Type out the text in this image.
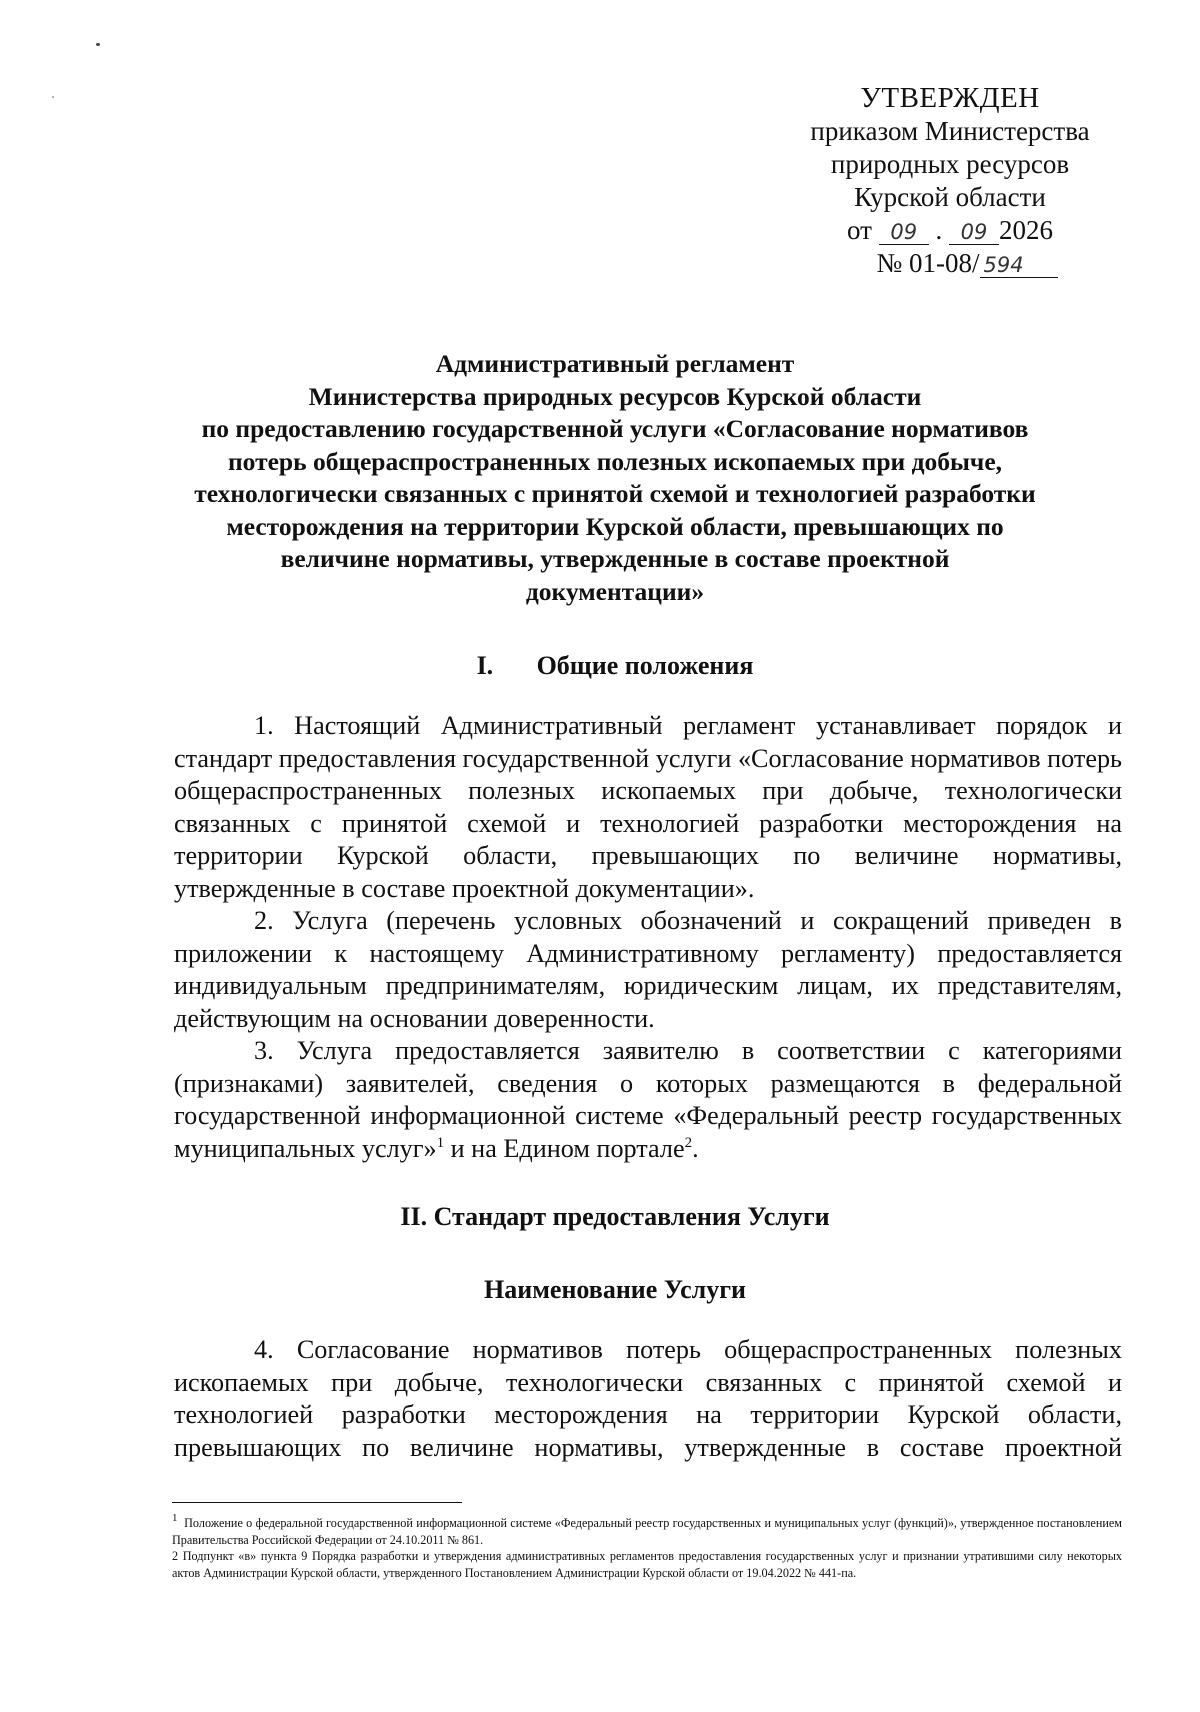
УТВЕРЖДЕН
приказом Министерства
природных ресурсов
Курской области
от 09 . 09 2026
№ 01-08/ 594
Административный регламент
Министерства природных ресурсов Курской области
по предоставлению государственной услуги «Согласование нормативов
потерь общераспространенных полезных ископаемых при добыче,
технологически связанных с принятой схемой и технологией разработки
месторождения на территории Курской области, превышающих по
величине нормативы, утвержденные в составе проектной
документации»
I. Общие положения

1. Настоящий Административный регламент устанавливает порядок и стандарт предоставления государственной услуги «Согласование нормативов потерь общераспространенных полезных ископаемых при добыче, технологически связанных с принятой схемой и технологией разработки месторождения на территории Курской области, превышающих по величине нормативы, утвержденные в составе проектной документации».

2. Услуга (перечень условных обозначений и сокращений приведен в приложении к настоящему Административному регламенту) предоставляется индивидуальным предпринимателям, юридическим лицам, их представителям, действующим на основании доверенности.

3. Услуга предоставляется заявителю в соответствии с категориями (признаками) заявителей, сведения о которых размещаются в федеральной государственной информационной системе «Федеральный реестр государственных муниципальных услуг»$^1$ и на Едином портале$^2$.

II. Стандарт предоставления Услуги
Наименование Услуги

4. Согласование нормативов потерь общераспространенных полезных ископаемых при добыче, технологически связанных с принятой схемой и технологией разработки месторождения на территории Курской области, превышающих по величине нормативы, утвержденные в составе проектной

1 Положение о федеральной государственной информационной системе «Федеральный реестр государственных и муниципальных услуг (функций)», утвержденное постановлением Правительства Российской Федерации от 24.10.2011 № 861.

2 Подпункт «в» пункта 9 Порядка разработки и утверждения административных регламентов предоставления государственных услуг и признании утратившими силу некоторых актов Администрации Курской области, утвержденного Постановлением Администрации Курской области от 19.04.2022 № 441-па.
